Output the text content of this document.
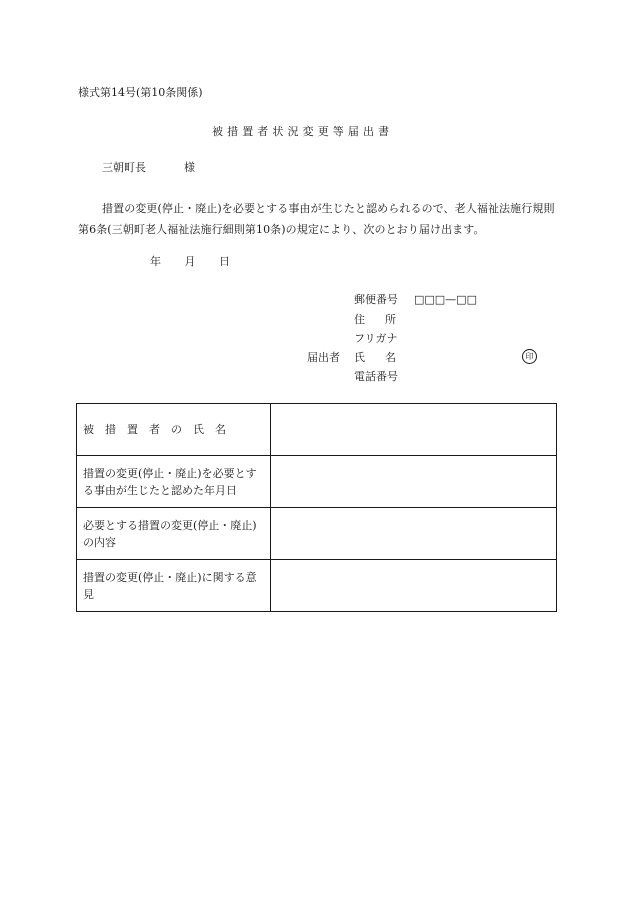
様式第14号(第10条関係)
被措置者状況変更等届出書
三朝町長	様
措置の変更(停止・廃止)を必要とする事由が生じたと認められるので、老人福祉法施行規則第6条(三朝町老人福祉法施行細則第10条)の規定により、次のとおり届け出ます。
年 月 日
郵便番号 □□□—□□
住所
フリガナ
届出者 氏名	印
電話番号
被措置者の氏名	
措置の変更(停止・廃止)を必要とする事由が生じたと認めた年月日	
必要とする措置の変更(停止・廃止)の内容	
措置の変更(停止・廃止)に関する意見	
